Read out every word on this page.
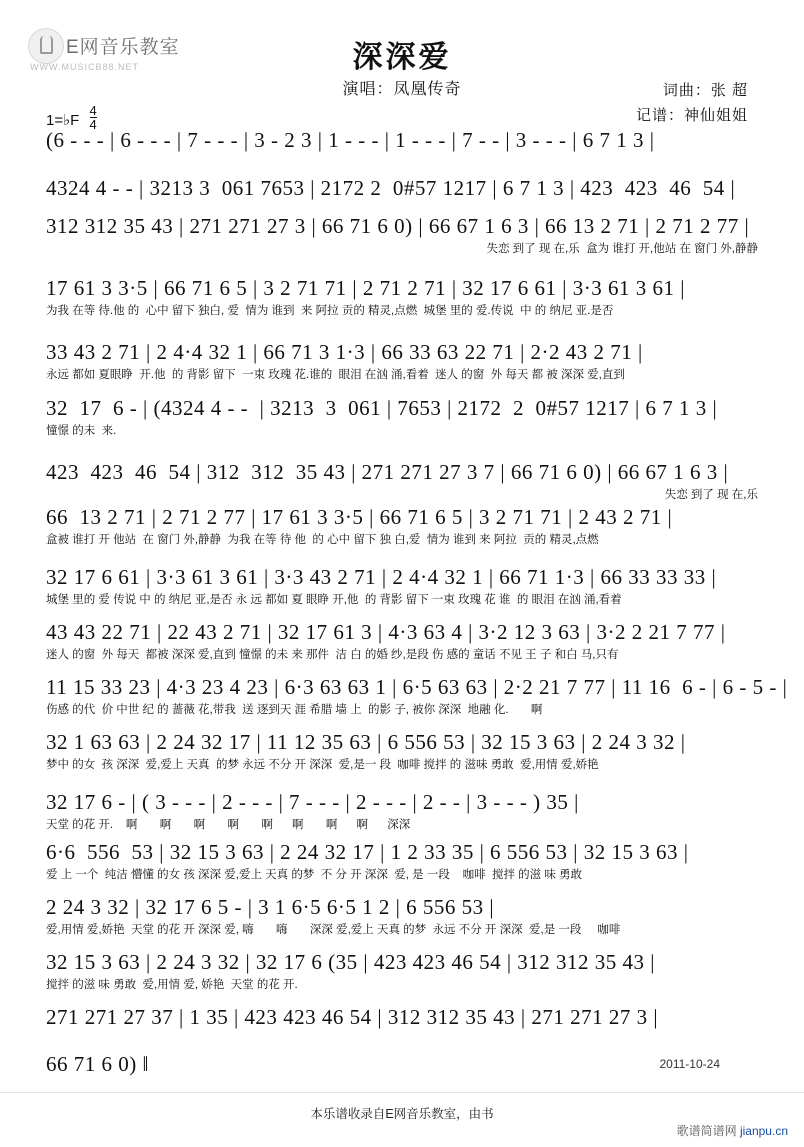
E网音乐教室
WWW.MUSICB88.NET	深深爱
演唱：凤凰传奇	词曲：张 超
记谱：神仙姐姐
1=♭F $\frac{4}{4}$
(6 - - - | 6 - - - | 7 - - - | 3 - 2 3 | 1 - - - | 1 - - - | 7 - - | 3 - - - | 6 7 1 3 |
4324 4 - - | 3213 3  061 7653 | 2172 2  0#57 1217 | 6 7 1 3 | 423  423  46  54 |
312 312 35 43 | 271 271 27 3 | 66 71 6 0) | 66 67 1 6 3 | 66 13 2 71 | 2 71 2 77 |
失恋 到了 现 在,乐  盒为 谁打 开,他站 在 窗门 外,静静
17 61 3 3·5 | 66 71 6 5 | 3 2 71 71 | 2 71 2 71 | 32 17 6 61 | 3·3 61 3 61 |
为我 在等 待.他 的  心中 留下 独白, 爱  情为 谁到  来 阿拉 贡的 精灵,点燃  城堡 里的 爱.传说  中 的 纳尼 亚.是否
33 43 2 71 | 2 4·4 32 1 | 66 71 3 1·3 | 66 33 63 22 71 | 2·2 43 2 71 |
永远 都如 夏眼睁  开.他  的 背影 留下  一束 玫瑰 花.谁的  眼泪 在汹 涌,看着  迷人 的窗  外 每天 都 被 深深 爱,直到
32  17  6 - | (4324 4 - -  | 3213  3  061 | 7653 | 2172  2  0#57 1217 | 6 7 1 3 |
憧憬 的未  来.
423  423  46  54 | 312  312  35 43 | 271 271 27 3 7 | 66 71 6 0) | 66 67 1 6 3 |
失恋 到了 现 在,乐
66  13 2 71 | 2 71 2 77 | 17 61 3 3·5 | 66 71 6 5 | 3 2 71 71 | 2 43 2 71 |
盒被 谁打 开 他站  在 窗门 外,静静  为我 在等 待 他  的 心中 留下 独 白,爱  情为 谁到 来 阿拉  贡的 精灵,点燃
32 17 6 61 | 3·3 61 3 61 | 3·3 43 2 71 | 2 4·4 32 1 | 66 71 1·3 | 66 33 33 33 |
城堡 里的 爱 传说 中 的 纳尼 亚,是否 永 远 都如 夏 眼睁 开,他  的 背影 留下 一束 玫瑰 花 谁  的 眼泪 在汹 涌,看着
43 43 22 71 | 22 43 2 71 | 32 17 61 3 | 4·3 63 4 | 3·2 12 3 63 | 3·2 2 21 7 77 |
迷人 的窗  外 每天  都被 深深 爱,直到 憧憬 的未 来 那件  洁 白 的婚 纱,是段 伤 感的 童话 不见 王 子 和白 马,只有
11 15 33 23 | 4·3 23 4 23 | 6·3 63 63 1 | 6·5 63 63 | 2·2 21 7 77 | 11 16  6 - | 6 - 5 - |
伤感 的代  价 中世 纪 的 蔷薇 花,带我  送 逐到天 涯 希腊 墙 上  的影 子, 被你 深深  地融 化.       啊
32 1 63 63 | 2 24 32 17 | 11 12 35 63 | 6 556 53 | 32 15 3 63 | 2 24 3 32 |
梦中 的女  孩 深深  爱,爱上 天真  的梦 永远 不分 开 深深  爱,是一 段  咖啡 搅拌 的 滋味 勇敢  爱,用情 爱,娇艳
32 17 6 - | ( 3 - - - | 2 - - - | 7 - - - | 2 - - - | 2 - - | 3 - - - ) 35 |
天堂 的花 开.    啊       啊       啊       啊       啊      啊       啊      啊      深深
6·6  556  53 | 32 15 3 63 | 2 24 32 17 | 1 2 33 35 | 6 556 53 | 32 15 3 63 |
爱 上 一个  纯洁 懵懂 的女 孩 深深 爱,爱上 天真 的梦  不 分 开 深深  爱, 是 一段    咖啡  搅拌 的滋 味 勇敢
2 24 3 32 | 32 17 6 5 - | 3 1 6·5 6·5 1 2 | 6 556 53 |
爱,用情 爱,娇艳  天堂 的花 开 深深 爱, 嗨       嗨       深深 爱,爱上 天真 的梦  永远 不分 开 深深  爱,是 一段     咖啡
32 15 3 63 | 2 24 3 32 | 32 17 6 (35 | 423 423 46 54 | 312 312 35 43 |
搅拌 的滋 味 勇敢  爱,用情 爱, 娇艳  天堂 的花 开.
271 271 27 37 | 1 35 | 423 423 46 54 | 312 312 35 43 | 271 271 27 3 |
66 71 6 0) ‖	2011-10-24
本乐谱收录自E网音乐教室，由书
歌谱简谱网 jianpu.cn
